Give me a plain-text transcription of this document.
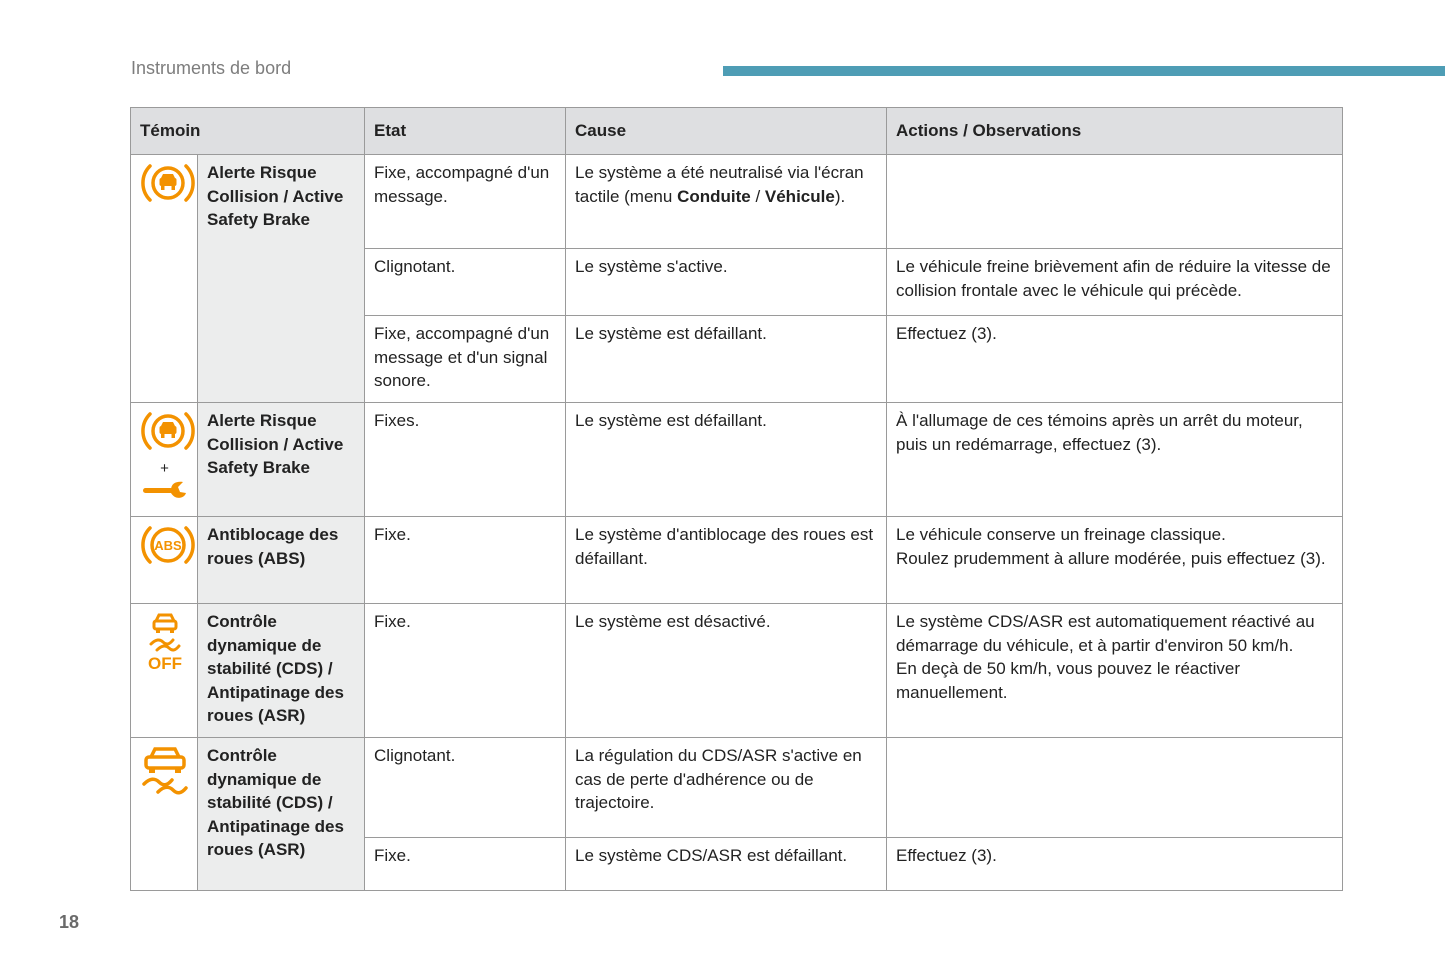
Instruments de bord
Témoin		Etat	Cause	Actions / Observations
	Alerte Risque Collision / Active Safety Brake	Fixe, accompagné d'un message.	Le système a été neutralisé via l'écran tactile (menu Conduite / Véhicule).	
		Clignotant.	Le système s'active.	Le véhicule freine brièvement afin de réduire la vitesse de collision frontale avec le véhicule qui précède.
		Fixe, accompagné d'un message et d'un signal sonore.	Le système est défaillant.	Effectuez (3).

+	Alerte Risque Collision / Active Safety Brake	Fixes.	Le système est défaillant.	À l'allumage de ces témoins après un arrêt du moteur, puis un redémarrage, effectuez (3).

ABS	Antiblocage des roues (ABS)	Fixe.	Le système d'antiblocage des roues est défaillant.	Le véhicule conserve un freinage classique.
Roulez prudemment à allure modérée, puis effectuez (3).

OFF	Contrôle dynamique de stabilité (CDS) / Antipatinage des roues (ASR)	Fixe.	Le système est désactivé.	Le système CDS/ASR est automatiquement réactivé au démarrage du véhicule, et à partir d'environ 50 km/h.
En deçà de 50 km/h, vous pouvez le réactiver manuellement.

	Contrôle dynamique de stabilité (CDS) / Antipatinage des roues (ASR)	Clignotant.	La régulation du CDS/ASR s'active en cas de perte d'adhérence ou de trajectoire.	
		Fixe.	Le système CDS/ASR est défaillant.	Effectuez (3).
18
